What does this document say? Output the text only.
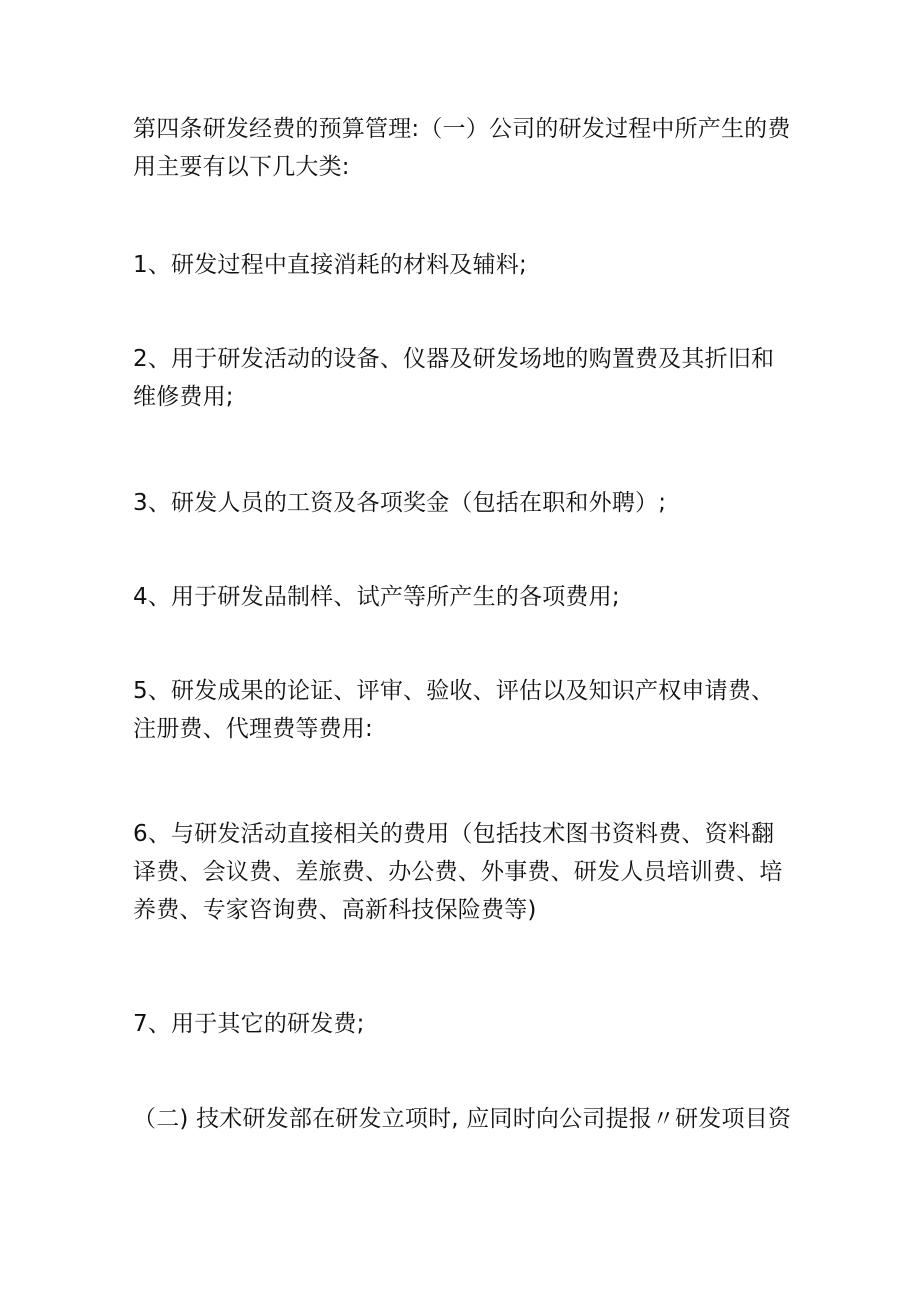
第四条研发经费的预算管理:（一）公司的研发过程中所产生的费用主要有以下几大类:

1、研发过程中直接消耗的材料及辅料;

2、用于研发活动的设备、仪器及研发场地的购置费及其折旧和维修费用;

3、研发人员的工资及各项奖金（包括在职和外聘）;

4、用于研发品制样、试产等所产生的各项费用;

5、研发成果的论证、评审、验收、评估以及知识产权申请费、注册费、代理费等费用:

6、与研发活动直接相关的费用（包括技术图书资料费、资料翻译费、会议费、差旅费、办公费、外事费、研发人员培训费、培养费、专家咨询费、高新科技保险费等)

7、用于其它的研发费;

（二) 技术研发部在研发立项时, 应同时向公司提报〃研发项目资
